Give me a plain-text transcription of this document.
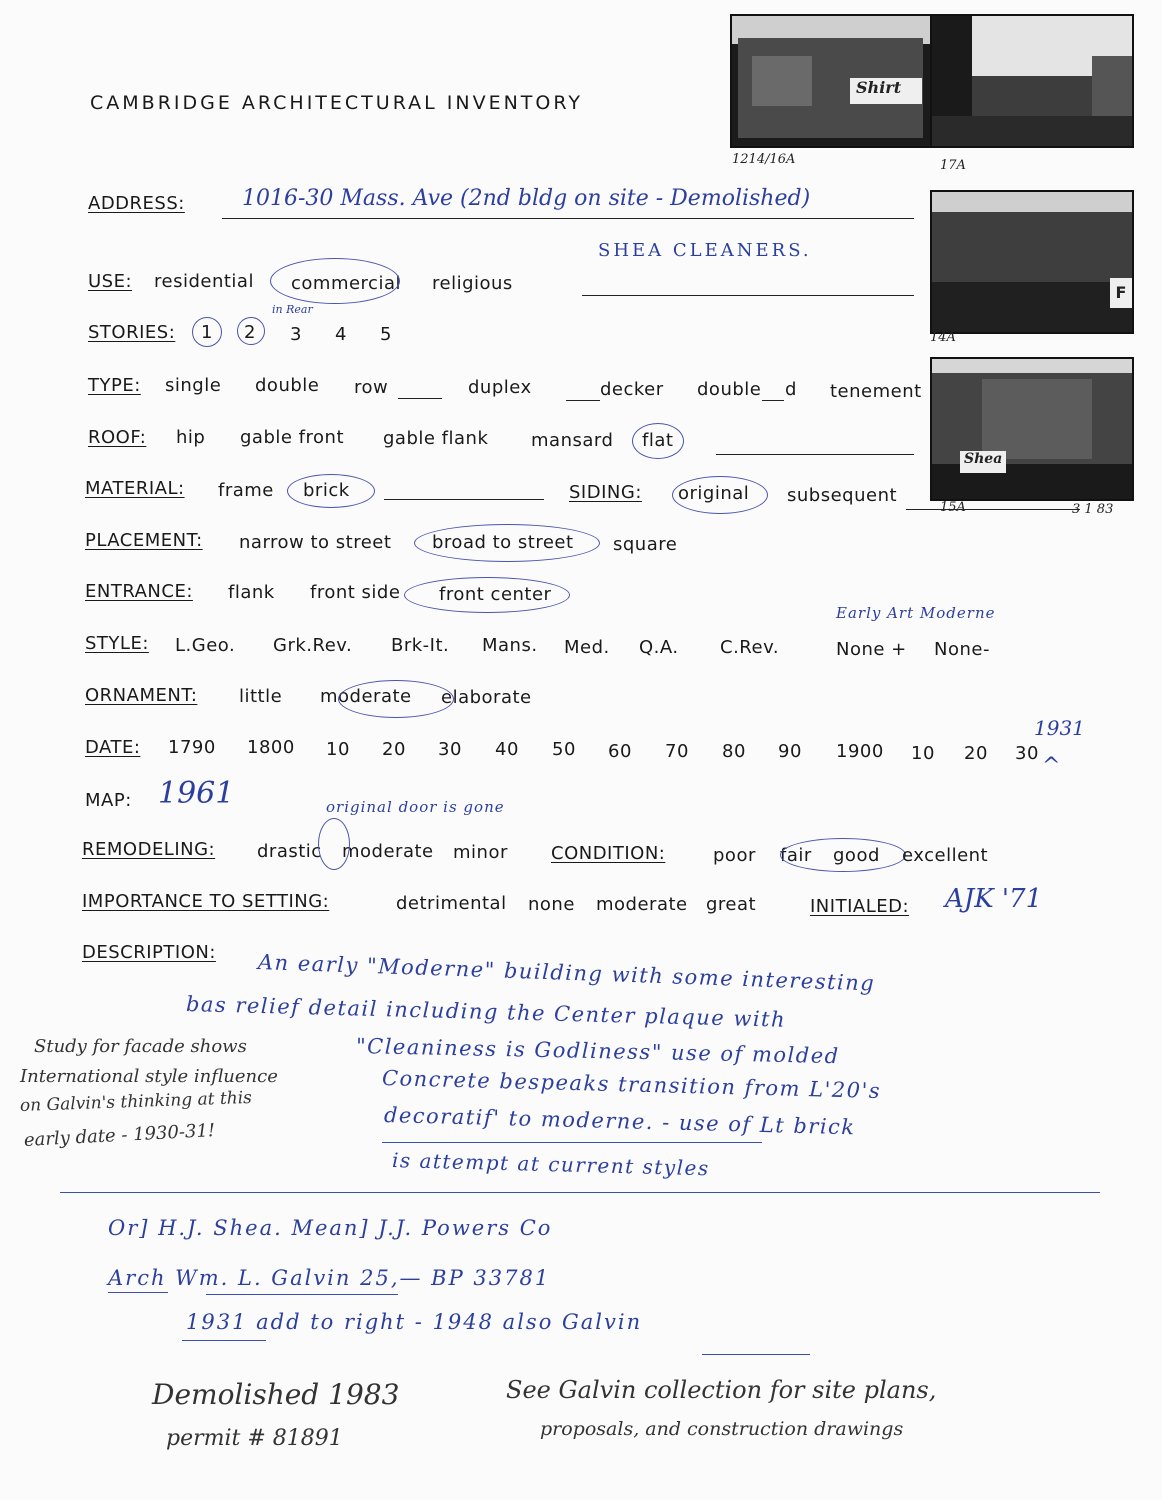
CAMBRIDGE ARCHITECTURAL INVENTORY
Shirt
1214/16A	17A
F
14A
Shea
15A	3 1 83
ADDRESS:	1016-30 Mass. Ave (2nd bldg on site - Demolished)
SHEA CLEANERS.
USE: residential commercial religious
STORIES: 1 2 3 4 5
in Rear
TYPE: single double row	duplex	decker double d tenement
ROOF: hip gable front gable flank mansard flat
MATERIAL: frame brick	SIDING: original subsequent
PLACEMENT: narrow to street broad to street square
ENTRANCE: flank front side front center
Early Art Moderne
STYLE: L.Geo. Grk.Rev. Brk-It. Mans. Med. Q.A. C.Rev.	None + None-
ORNAMENT: little moderate elaborate
1931
^
DATE: 1790 1800 10 20 30 40 50 60 70 80 90 1900 10 20 30
MAP: 1961	original door is gone
REMODELING: drastic moderate minor CONDITION:	poor fair good excellent
IMPORTANCE TO SETTING:	detrimental none moderate great	INITIALED: AJK '71
DESCRIPTION: An early "Moderne" building with some interesting
bas relief detail including the Center plaque with
"Cleaniness is Godliness" use of molded
Concrete bespeaks transition from L'20's
decoratif' to moderne. - use of Lt brick
is attempt at current styles
Study for facade shows
International style influence
on Galvin's thinking at this
early date - 1930-31!
Or] H.J. Shea. Mean] J.J. Powers Co
Arch Wm. L. Galvin 25,— BP 33781
1931 add to right - 1948 also Galvin
Demolished 1983
permit # 81891
See Galvin collection for site plans,
proposals, and construction drawings
